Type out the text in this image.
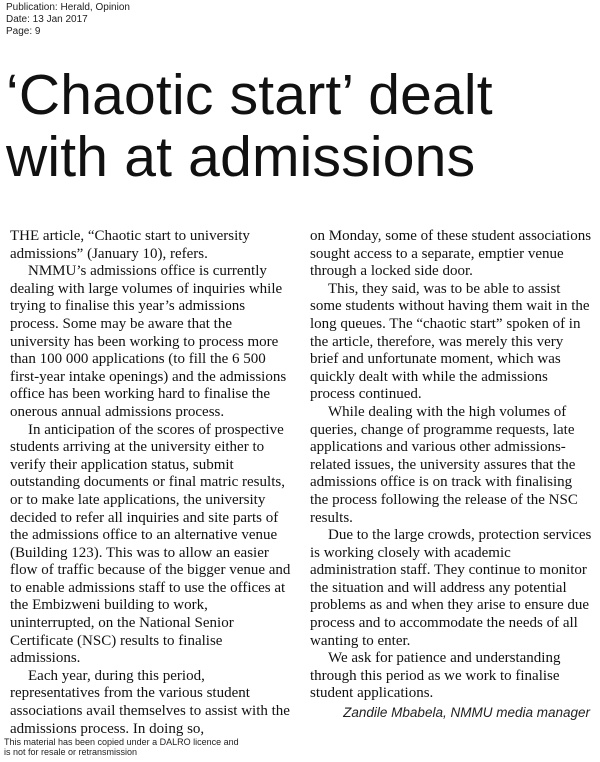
Publication: Herald, Opinion
Date: 13 Jan 2017
Page: 9
‘Chaotic start’ dealt
with at admissions

THE article, “Chaotic start to university admissions” (January 10), refers.

NMMU’s admissions office is currently dealing with large volumes of inquiries while trying to finalise this year’s admissions process. Some may be aware that the university has been working to process more than 100 000 applications (to fill the 6 500 first-year intake openings) and the admissions office has been working hard to finalise the onerous annual admissions process.

In anticipation of the scores of prospective students arriving at the university either to verify their application status, submit outstanding documents or final matric results, or to make late applications, the university decided to refer all inquiries and site parts of the admissions office to an alternative venue (Building 123). This was to allow an easier flow of traffic because of the bigger venue and to enable admissions staff to use the offices at the Embizweni building to work, uninterrupted, on the National Senior Certificate (NSC) results to finalise admissions.

Each year, during this period, representatives from the various student associations avail themselves to assist with the admissions process. In doing so,

on Monday, some of these student associations sought access to a separate, emptier venue through a locked side door.

This, they said, was to be able to assist some students without having them wait in the long queues. The “chaotic start” spoken of in the article, therefore, was merely this very brief and unfortunate moment, which was quickly dealt with while the admissions process continued.

While dealing with the high volumes of queries, change of programme requests, late applications and various other admissions-related issues, the university assures that the admissions office is on track with finalising the process following the release of the NSC results.

Due to the large crowds, protection services is working closely with academic administration staff. They continue to monitor the situation and will address any potential problems as and when they arise to ensure due process and to accommodate the needs of all wanting to enter.

We ask for patience and understanding through this period as we work to finalise student applications.

Zandile Mbabela, NMMU media manager
This material has been copied under a DALRO licence and
is not for resale or retransmission
